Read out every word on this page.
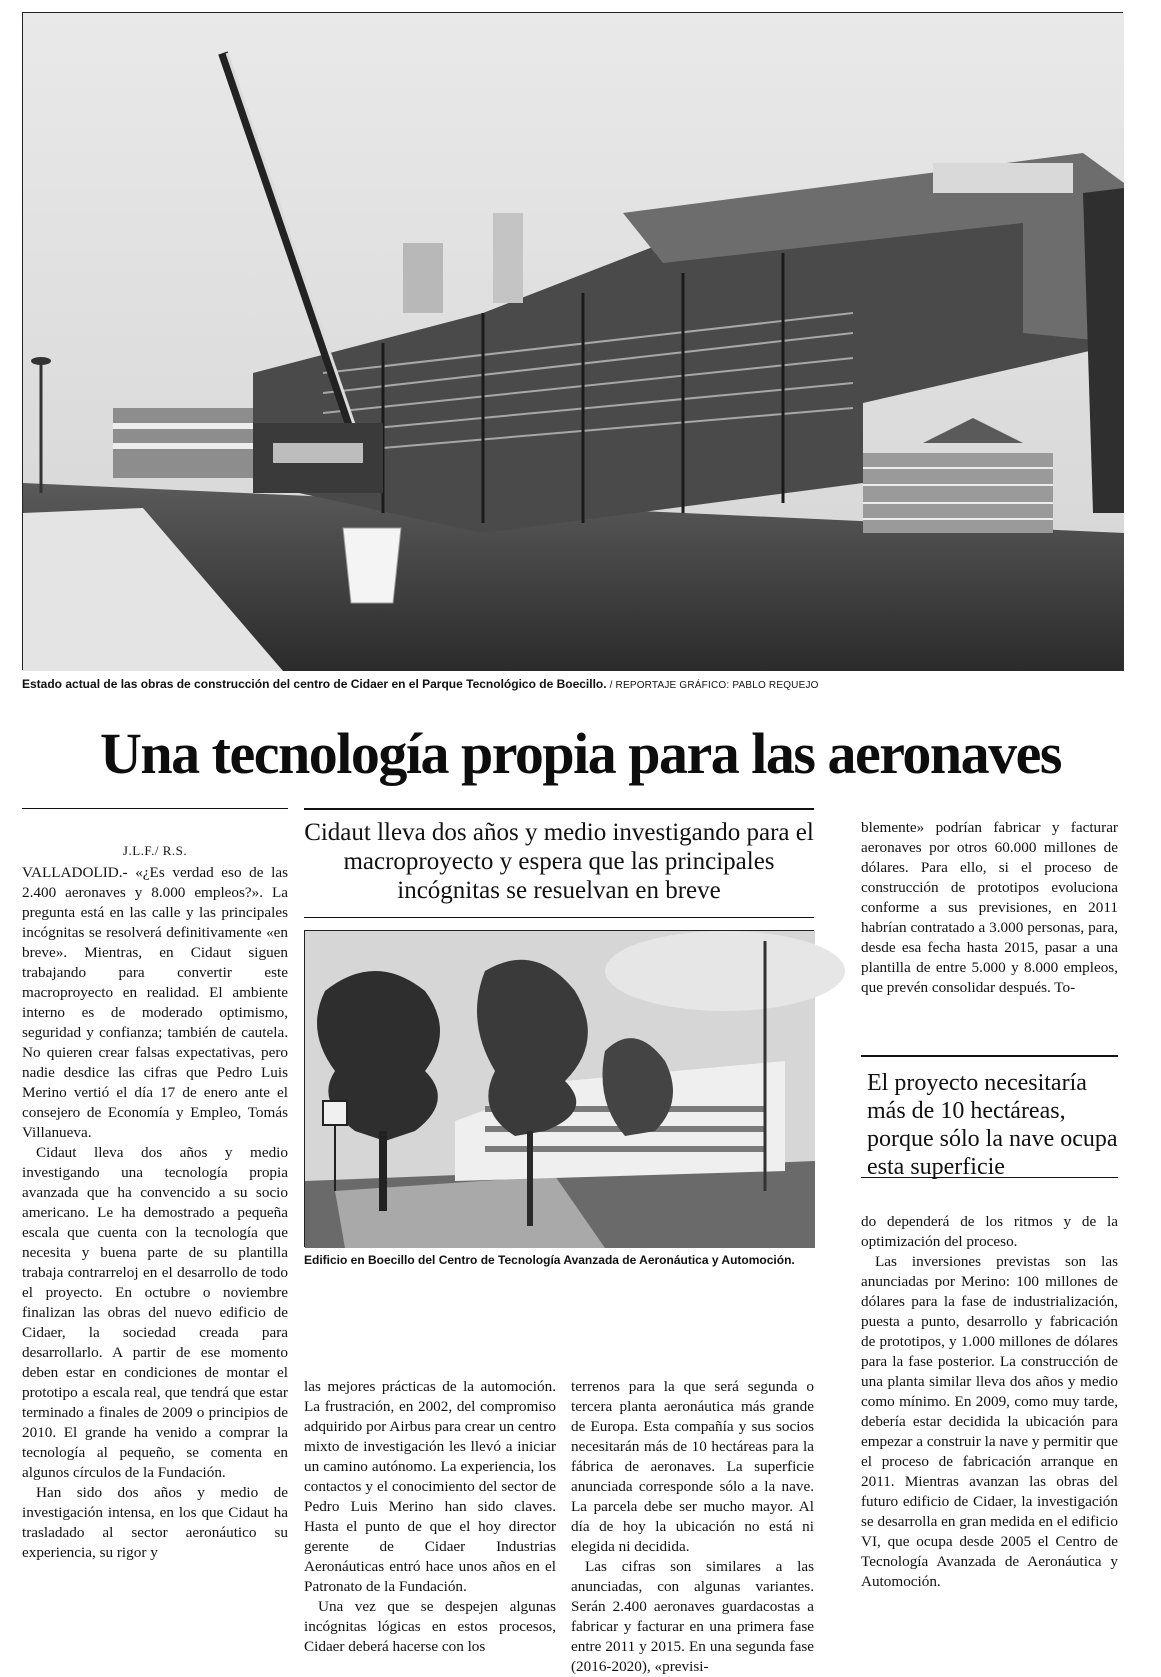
Estado actual de las obras de construcción del centro de Cidaer en el Parque Tecnológico de Boecillo. / REPORTAJE GRÁFICO: PABLO REQUEJO
Una tecnología propia para las aeronaves
J.L.F./ R.S.

VALLADOLID.- «¿Es verdad eso de las 2.400 aeronaves y 8.000 empleos?». La pregunta está en las calle y las principales incógnitas se resolverá definitivamente «en breve». Mientras, en Cidaut siguen trabajando para convertir este macroproyecto en realidad. El ambiente interno es de moderado optimismo, seguridad y confianza; también de cautela. No quieren crear falsas expectativas, pero nadie desdice las cifras que Pedro Luis Merino vertió el día 17 de enero ante el consejero de Economía y Empleo, Tomás Villanueva.

Cidaut lleva dos años y medio investigando una tecnología propia avanzada que ha convencido a su socio americano. Le ha demostrado a pequeña escala que cuenta con la tecnología que necesita y buena parte de su plantilla trabaja contrarreloj en el desarrollo de todo el proyecto. En octubre o noviembre finalizan las obras del nuevo edificio de Cidaer, la sociedad creada para desarrollarlo. A partir de ese momento deben estar en condiciones de montar el prototipo a escala real, que tendrá que estar terminado a finales de 2009 o principios de 2010. El grande ha venido a comprar la tecnología al pequeño, se comenta en algunos círculos de la Fundación.

Han sido dos años y medio de investigación intensa, en los que Cidaut ha trasladado al sector aeronáutico su experiencia, su rigor y

Cidaut lleva dos años y medio investigando para el macroproyecto y espera que las principales incógnitas se resuelvan en breve
Edificio en Boecillo del Centro de Tecnología Avanzada de Aeronáutica y Automoción.

las mejores prácticas de la automoción. La frustración, en 2002, del compromiso adquirido por Airbus para crear un centro mixto de investigación les llevó a iniciar un camino autónomo. La experiencia, los contactos y el conocimiento del sector de Pedro Luis Merino han sido claves. Hasta el punto de que el hoy director gerente de Cidaer Industrias Aeronáuticas entró hace unos años en el Patronato de la Fundación.

Una vez que se despejen algunas incógnitas lógicas en estos procesos, Cidaer deberá hacerse con los

terrenos para la que será segunda o tercera planta aeronáutica más grande de Europa. Esta compañía y sus socios necesitarán más de 10 hectáreas para la fábrica de aeronaves. La superficie anunciada corresponde sólo a la nave. La parcela debe ser mucho mayor. Al día de hoy la ubicación no está ni elegida ni decidida.

Las cifras son similares a las anunciadas, con algunas variantes. Serán 2.400 aeronaves guardacostas a fabricar y facturar en una primera fase entre 2011 y 2015. En una segunda fase (2016-2020), «previsi-

blemente» podrían fabricar y facturar aeronaves por otros 60.000 millones de dólares. Para ello, si el proceso de construcción de prototipos evoluciona conforme a sus previsiones, en 2011 habrían contratado a 3.000 personas, para, desde esa fecha hasta 2015, pasar a una plantilla de entre 5.000 y 8.000 empleos, que prevén consolidar después. To-

El proyecto necesitaría más de 10 hectáreas, porque sólo la nave ocupa esta superficie

do dependerá de los ritmos y de la optimización del proceso.

Las inversiones previstas son las anunciadas por Merino: 100 millones de dólares para la fase de industrialización, puesta a punto, desarrollo y fabricación de prototipos, y 1.000 millones de dólares para la fase posterior. La construcción de una planta similar lleva dos años y medio como mínimo. En 2009, como muy tarde, debería estar decidida la ubicación para empezar a construir la nave y permitir que el proceso de fabricación arranque en 2011. Mientras avanzan las obras del futuro edificio de Cidaer, la investigación se desarrolla en gran medida en el edificio VI, que ocupa desde 2005 el Centro de Tecnología Avanzada de Aeronáutica y Automoción.
